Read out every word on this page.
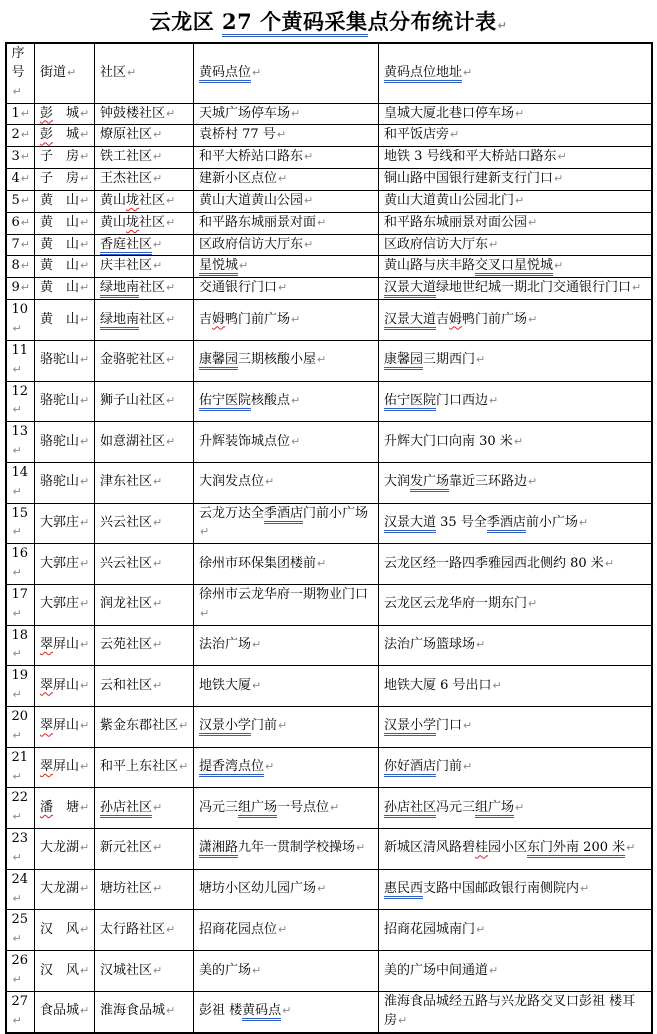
云龙区 27 个黄码采集点分布统计表↵
序号↵	街道↵	社区↵	黄码点位↵	黄码点位地址↵
1↵	彭　城↵	钟鼓楼社区↵	天城广场停车场↵	皇城大厦北巷口停车场↵
2↵	彭　城↵	燎原社区↵	袁桥村 77 号↵	和平饭店旁↵
3↵	子　房↵	铁工社区↵	和平大桥站口路东↵	地铁 3 号线和平大桥站口路东↵
4↵	子　房↵	王杰社区↵	建新小区点位↵	铜山路中国银行建新支行门口↵
5↵	黄　山↵	黄山垅社区↵	黄山大道黄山公园↵	黄山大道黄山公园北门↵
6↵	黄　山↵	黄山垅社区↵	和平路东城丽景对面↵	和平路东城丽景对面公园↵
7↵	黄　山↵	香庭社区↵	区政府信访大厅东↵	区政府信访大厅东↵
8↵	黄　山↵	庆丰社区↵	星悦城↵	黄山路与庆丰路交叉口星悦城↵
9↵	黄　山↵	绿地南社区↵	交通银行门口↵	汉景大道绿地世纪城一期北门交通银行门口↵
10↵	黄　山↵	绿地南社区↵	吉姆鸭门前广场↵	汉景大道吉姆鸭门前广场↵
11↵	骆驼山↵	金骆驼社区↵	康馨园三期核酸小屋↵	康馨园三期西门↵
12↵	骆驼山↵	狮子山社区↵	佑宁医院核酸点↵	佑宁医院门口西边↵
13↵	骆驼山↵	如意湖社区↵	升辉装饰城点位↵	升辉大门口向南 30 米↵
14↵	骆驼山↵	津东社区↵	大润发点位↵	大润发广场靠近三环路边↵
15↵	大郭庄↵	兴云社区↵	云龙万达全季酒店门前小广场↵	汉景大道 35 号全季酒店前小广场↵
16↵	大郭庄↵	兴云社区↵	徐州市环保集团楼前↵	云龙区经一路四季雅园西北侧约 80 米↵
17↵	大郭庄↵	润龙社区↵	徐州市云龙华府一期物业门口↵	云龙区云龙华府一期东门↵
18↵	翠屏山↵	云苑社区↵	法治广场↵	法治广场篮球场↵
19↵	翠屏山↵	云和社区↵	地铁大厦↵	地铁大厦 6 号出口↵
20↵	翠屏山↵	紫金东郡社区↵	汉景小学门前↵	汉景小学门口↵
21↵	翠屏山↵	和平上东社区↵	提香湾点位↵	你好酒店门前↵
22↵	潘　塘↵	孙店社区↵	冯元三组广场一号点位↵	孙店社区冯元三组广场↵
23↵	大龙湖↵	新元社区↵	潇湘路九年一贯制学校操场↵	新城区清风路碧桂园小区东门外南 200 米↵
24↵	大龙湖↵	塘坊社区↵	塘坊小区幼儿园广场↵	惠民西支路中国邮政银行南侧院内↵
25↵	汉　风↵	太行路社区↵	招商花园点位↵	招商花园城南门↵
26↵	汉　风↵	汉城社区↵	美的广场↵	美的广场中间通道↵
27↵	食品城↵	淮海食品城↵	彭祖 楼黄码点↵	淮海食品城经五路与兴龙路交叉口彭祖 楼耳房↵
